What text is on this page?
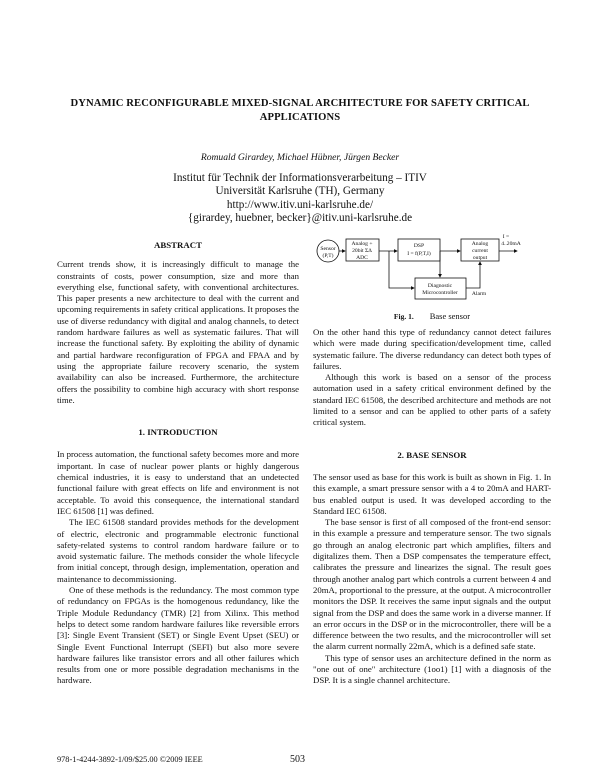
DYNAMIC RECONFIGURABLE MIXED-SIGNAL ARCHITECTURE FOR SAFETY CRITICAL APPLICATIONS
Romuald Girardey, Michael Hübner, Jürgen Becker
Institut für Technik der Informationsverarbeitung – ITIV
Universität Karlsruhe (TH), Germany
http://www.itiv.uni-karlsruhe.de/
{girardey, huebner, becker}@itiv.uni-karlsruhe.de
ABSTRACT

Current trends show, it is increasingly difficult to manage the constraints of costs, power consumption, size and more than everything else, functional safety, with conventional architectures. This paper presents a new architecture to deal with the current and upcoming requirements in safety critical applications. It proposes the use of diverse redundancy with digital and analog channels, to detect random hardware failures as well as systematic failures. That will increase the functional safety. By exploiting the ability of dynamic and partial hardware reconfiguration of FPGA and FPAA and by using the appropriate failure recovery scenario, the system availability can also be increased. Furthermore, the architecture offers the possibility to combine high accuracy with short response time.

1. INTRODUCTION

In process automation, the functional safety becomes more and more important. In case of nuclear power plants or highly dangerous chemical industries, it is easy to understand that an undetected functional failure with great effects on life and environment is not acceptable. To avoid this consequence, the international standard IEC 61508 [1] was defined.

The IEC 61508 standard provides methods for the development of electric, electronic and programmable electronic functional safety-related systems to control random hardware failure or to avoid systematic failure. The methods consider the whole lifecycle from initial concept, through design, implementation, operation and maintenance to decommissioning.

One of these methods is the redundancy. The most common type of redundancy on FPGAs is the homogenous redundancy, like the Triple Module Redundancy (TMR) [2] from Xilinx. This method helps to detect some random hardware failures like reversible errors [3]: Single Event Transient (SET) or Single Event Upset (SEU) or Single Event Functional Interrupt (SEFI) but also more severe hardware failures like transistor errors and all other failures which results from one or more possible degradation mechanisms in the hardware.

Sensor
(P,T)
Analog +
20bit ΣΔ
ADC
DSP
I = f(P,T,I)
Analog
current
output
Diagnostic
Microcontroller	Alarm
I =
4..20mA
Fig. 1. Base sensor

On the other hand this type of redundancy cannot detect failures which were made during specification/development time, called systematic failure. The diverse redundancy can detect both types of failures.

Although this work is based on a sensor of the process automation used in a safety critical environment defined by the standard IEC 61508, the described architecture and methods are not limited to a sensor and can be applied to other parts of a safety critical system.

2. BASE SENSOR

The sensor used as base for this work is built as shown in Fig. 1. In this example, a smart pressure sensor with a 4 to 20mA and HART-bus enabled output is used. It was developed according to the Standard IEC 61508.

The base sensor is first of all composed of the front-end sensor: in this example a pressure and temperature sensor. The two signals go through an analog electronic part which amplifies, filters and digitalizes them. Then a DSP compensates the temperature effect, calibrates the pressure and linearizes the signal. The result goes through another analog part which controls a current between 4 and 20mA, proportional to the pressure, at the output. A microcontroller monitors the DSP. It receives the same input signals and the output signal from the DSP and does the same work in a diverse manner. If an error occurs in the DSP or in the microcontroller, there will be a difference between the two results, and the microcontroller will set the alarm current normally 22mA, which is a defined safe state.

This type of sensor uses an architecture defined in the norm as "one out of one" architecture (1oo1) [1] with a diagnosis of the DSP. It is a single channel architecture.

978-1-4244-3892-1/09/$25.00 ©2009 IEEE	503
